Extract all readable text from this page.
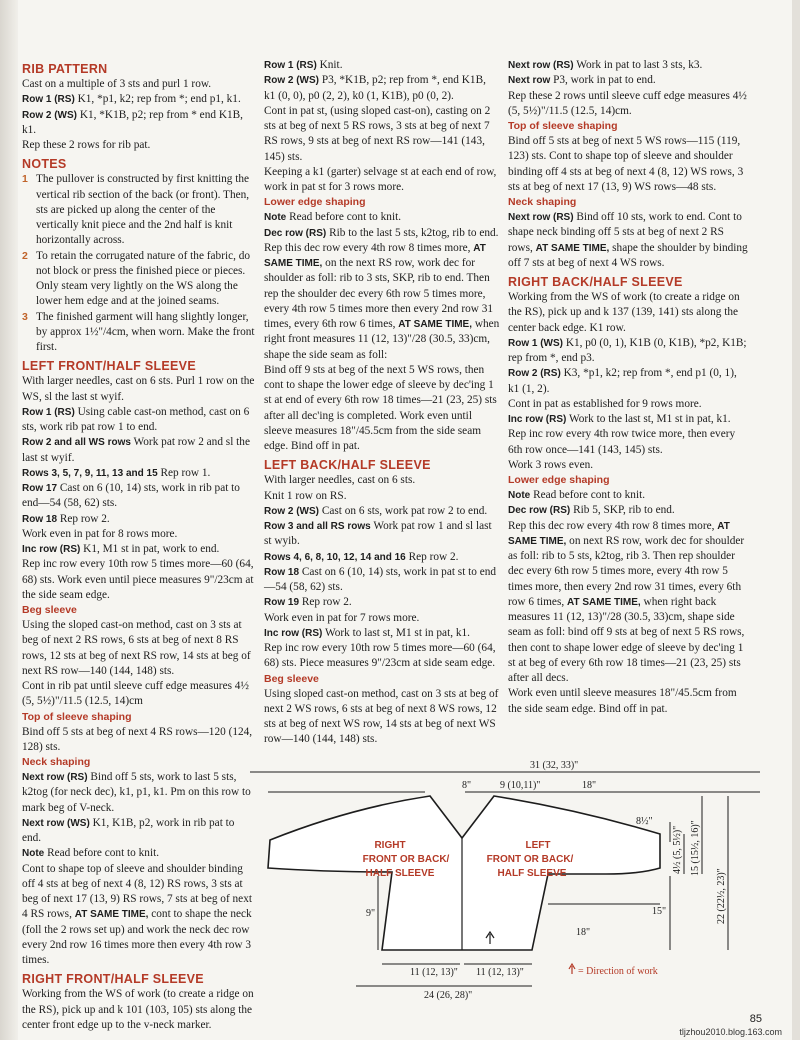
RIB PATTERN

Cast on a multiple of 3 sts and purl 1 row.

Row 1 (RS) K1, *p1, k2; rep from *; end p1, k1.

Row 2 (WS) K1, *K1B, p2; rep from * end K1B, k1.

Rep these 2 rows for rib pat.

NOTES

1 The pullover is constructed by first knitting the vertical rib section of the back (or front). Then, sts are picked up along the center of the vertically knit piece and the 2nd half is knit horizontally across.

2 To retain the corrugated nature of the fabric, do not block or press the finished piece or pieces. Only steam very lightly on the WS along the lower hem edge and at the joined seams.

3 The finished garment will hang slightly longer, by approx 1½"/4cm, when worn. Make the front first.

LEFT FRONT/HALF SLEEVE

With larger needles, cast on 6 sts. Purl 1 row on the WS, sl the last st wyif.

Row 1 (RS) Using cable cast-on method, cast on 6 sts, work rib pat row 1 to end.

Row 2 and all WS rows Work pat row 2 and sl the last st wyif.

Rows 3, 5, 7, 9, 11, 13 and 15 Rep row 1.

Row 17 Cast on 6 (10, 14) sts, work in rib pat to end—54 (58, 62) sts.

Row 18 Rep row 2.

Work even in pat for 8 rows more.

Inc row (RS) K1, M1 st in pat, work to end.

Rep inc row every 10th row 5 times more—60 (64, 68) sts. Work even until piece measures 9"/23cm at the side seam edge.

Beg sleeve

Using the sloped cast-on method, cast on 3 sts at beg of next 2 RS rows, 6 sts at beg of next 8 RS rows, 12 sts at beg of next RS row, 14 sts at beg of next RS row—140 (144, 148) sts.

Cont in rib pat until sleeve cuff edge measures 4½ (5, 5½)"/11.5 (12.5, 14)cm

Top of sleeve shaping

Bind off 5 sts at beg of next 4 RS rows—120 (124, 128) sts.

Neck shaping

Next row (RS) Bind off 5 sts, work to last 5 sts, k2tog (for neck dec), k1, p1, k1. Pm on this row to mark beg of V-neck.

Next row (WS) K1, K1B, p2, work in rib pat to end.

Note Read before cont to knit.

Cont to shape top of sleeve and shoulder binding off 4 sts at beg of next 4 (8, 12) RS rows, 3 sts at beg of next 17 (13, 9) RS rows, 7 sts at beg of next 4 RS rows, AT SAME TIME, cont to shape the neck (foll the 2 rows set up) and work the neck dec row every 2nd row 16 times more then every 4th row 3 times.

RIGHT FRONT/HALF SLEEVE

Working from the WS of work (to create a ridge on the RS), pick up and k 101 (103, 105) sts along the center front edge up to the v-neck marker.

Row 1 (RS) Knit.

Row 2 (WS) P3, *K1B, p2; rep from *, end K1B, k1 (0, 0), p0 (2, 2), k0 (1, K1B), p0 (0, 2).

Cont in pat st, (using sloped cast-on), casting on 2 sts at beg of next 5 RS rows, 3 sts at beg of next 7 RS rows, 9 sts at beg of next RS row—141 (143, 145) sts.

Keeping a k1 (garter) selvage st at each end of row, work in pat st for 3 rows more.

Lower edge shaping

Note Read before cont to knit.

Dec row (RS) Rib to the last 5 sts, k2tog, rib to end. Rep this dec row every 4th row 8 times more, AT SAME TIME, on the next RS row, work dec for shoulder as foll: rib to 3 sts, SKP, rib to end. Then rep the shoulder dec every 6th row 5 times more, every 4th row 5 times more then every 2nd row 31 times, every 6th row 6 times, AT SAME TIME, when right front measures 11 (12, 13)"/28 (30.5, 33)cm, shape the side seam as foll:

Bind off 9 sts at beg of the next 5 WS rows, then cont to shape the lower edge of sleeve by dec'ing 1 st at end of every 6th row 18 times—21 (23, 25) sts after all dec'ing is completed. Work even until sleeve measures 18"/45.5cm from the side seam edge. Bind off in pat.

LEFT BACK/HALF SLEEVE

With larger needles, cast on 6 sts.

Knit 1 row on RS.

Row 2 (WS) Cast on 6 sts, work pat row 2 to end.

Row 3 and all RS rows Work pat row 1 and sl last st wyib.

Rows 4, 6, 8, 10, 12, 14 and 16 Rep row 2.

Row 18 Cast on 6 (10, 14) sts, work in pat st to end—54 (58, 62) sts.

Row 19 Rep row 2.

Work even in pat for 7 rows more.

Inc row (RS) Work to last st, M1 st in pat, k1.

Rep inc row every 10th row 5 times more—60 (64, 68) sts. Piece measures 9"/23cm at side seam edge.

Beg sleeve

Using sloped cast-on method, cast on 3 sts at beg of next 2 WS rows, 6 sts at beg of next 8 WS rows, 12 sts at beg of next WS row, 14 sts at beg of next WS row—140 (144, 148) sts.

Next row (RS) Work in pat to last 3 sts, k3.

Next row P3, work in pat to end.

Rep these 2 rows until sleeve cuff edge measures 4½ (5, 5½)"/11.5 (12.5, 14)cm.

Top of sleeve shaping

Bind off 5 sts at beg of next 5 WS rows—115 (119, 123) sts. Cont to shape top of sleeve and shoulder binding off 4 sts at beg of next 4 (8, 12) WS rows, 3 sts at beg of next 17 (13, 9) WS rows—48 sts.

Neck shaping

Next row (RS) Bind off 10 sts, work to end. Cont to shape neck binding off 5 sts at beg of next 2 RS rows, AT SAME TIME, shape the shoulder by binding off 7 sts at beg of next 4 WS rows.

RIGHT BACK/HALF SLEEVE

Working from the WS of work (to create a ridge on the RS), pick up and k 137 (139, 141) sts along the center back edge. K1 row.

Row 1 (WS) K1, p0 (0, 1), K1B (0, K1B), *p2, K1B; rep from *, end p3.

Row 2 (RS) K3, *p1, k2; rep from *, end p1 (0, 1), k1 (1, 2).

Cont in pat as established for 9 rows more.

Inc row (RS) Work to the last st, M1 st in pat, k1.

Rep inc row every 4th row twice more, then every 6th row once—141 (143, 145) sts.

Work 3 rows even.

Lower edge shaping

Note Read before cont to knit.

Dec row (RS) Rib 5, SKP, rib to end.

Rep this dec row every 4th row 8 times more, AT SAME TIME, on next RS row, work dec for shoulder as foll: rib to 5 sts, k2tog, rib 3. Then rep shoulder dec every 6th row 5 times more, every 4th row 5 times more, then every 2nd row 31 times, every 6th row 6 times, AT SAME TIME, when right back measures 11 (12, 13)"/28 (30.5, 33)cm, shape side seam as foll: bind off 9 sts at beg of next 5 RS rows, then cont to shape lower edge of sleeve by dec'ing 1 st at beg of every 6th row 18 times—21 (23, 25) sts after all decs.

Work even until sleeve measures 18"/45.5cm from the side seam edge. Bind off in pat.

31 (32, 33)"
8"	9 (10,11)"	18"
RIGHT
FRONT OR BACK/
HALF SLEEVE
LEFT
FRONT OR BACK/
HALF SLEEVE
8½"
4½ (5, 5½)" 15 (15½, 16)"
22 (22½, 23)"
15"
9"
18"
11 (12, 13)" 11 (12, 13)"
24 (26, 28)"
= Direction of work
85
tljzhou2010.blog.163.com
